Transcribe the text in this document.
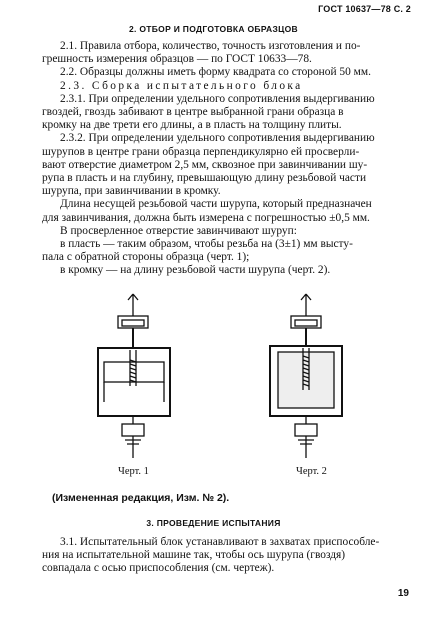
ГОСТ 10637—78 С. 2
2. ОТБОР И ПОДГОТОВКА ОБРАЗЦОВ
2.1. Правила отбора, количество, точность изготовления и по-
грешность измерения образцов — по ГОСТ 10633—78.
2.2. Образцы должны иметь форму квадрата со стороной 50 мм.
2.3. Сборка испытательного блока
2.3.1. При определении удельного сопротивления выдергиванию
гвоздей, гвоздь забивают в центре выбранной грани образца в
кромку на две трети его длины, а в пласть на толщину плиты.
2.3.2. При определении удельного сопротивления выдергиванию
шурупов в центре грани образца перпендикулярно ей просверли-
вают отверстие диаметром 2,5 мм, сквозное при завинчивании шу-
рупа в пласть и на глубину, превышающую длину резьбовой части
шурупа, при завинчивании в кромку.
Длина несущей резьбовой части шурупа, который предназначен
для завинчивания, должна быть измерена с погрешностью ±0,5 мм.
В просверленное отверстие завинчивают шуруп:
в пласть — таким образом, чтобы резьба на (3±1) мм высту-
пала с обратной стороны образца (черт. 1);
в кромку — на длину резьбовой части шурупа (черт. 2).
Черт. 1	Черт. 2
(Измененная редакция, Изм. № 2).
3. ПРОВЕДЕНИЕ ИСПЫТАНИЯ
3.1. Испытательный блок устанавливают в захватах приспособле-
ния на испытательной машине так, чтобы ось шурупа (гвоздя)
совпадала с осью приспособления (см. чертеж).
19
